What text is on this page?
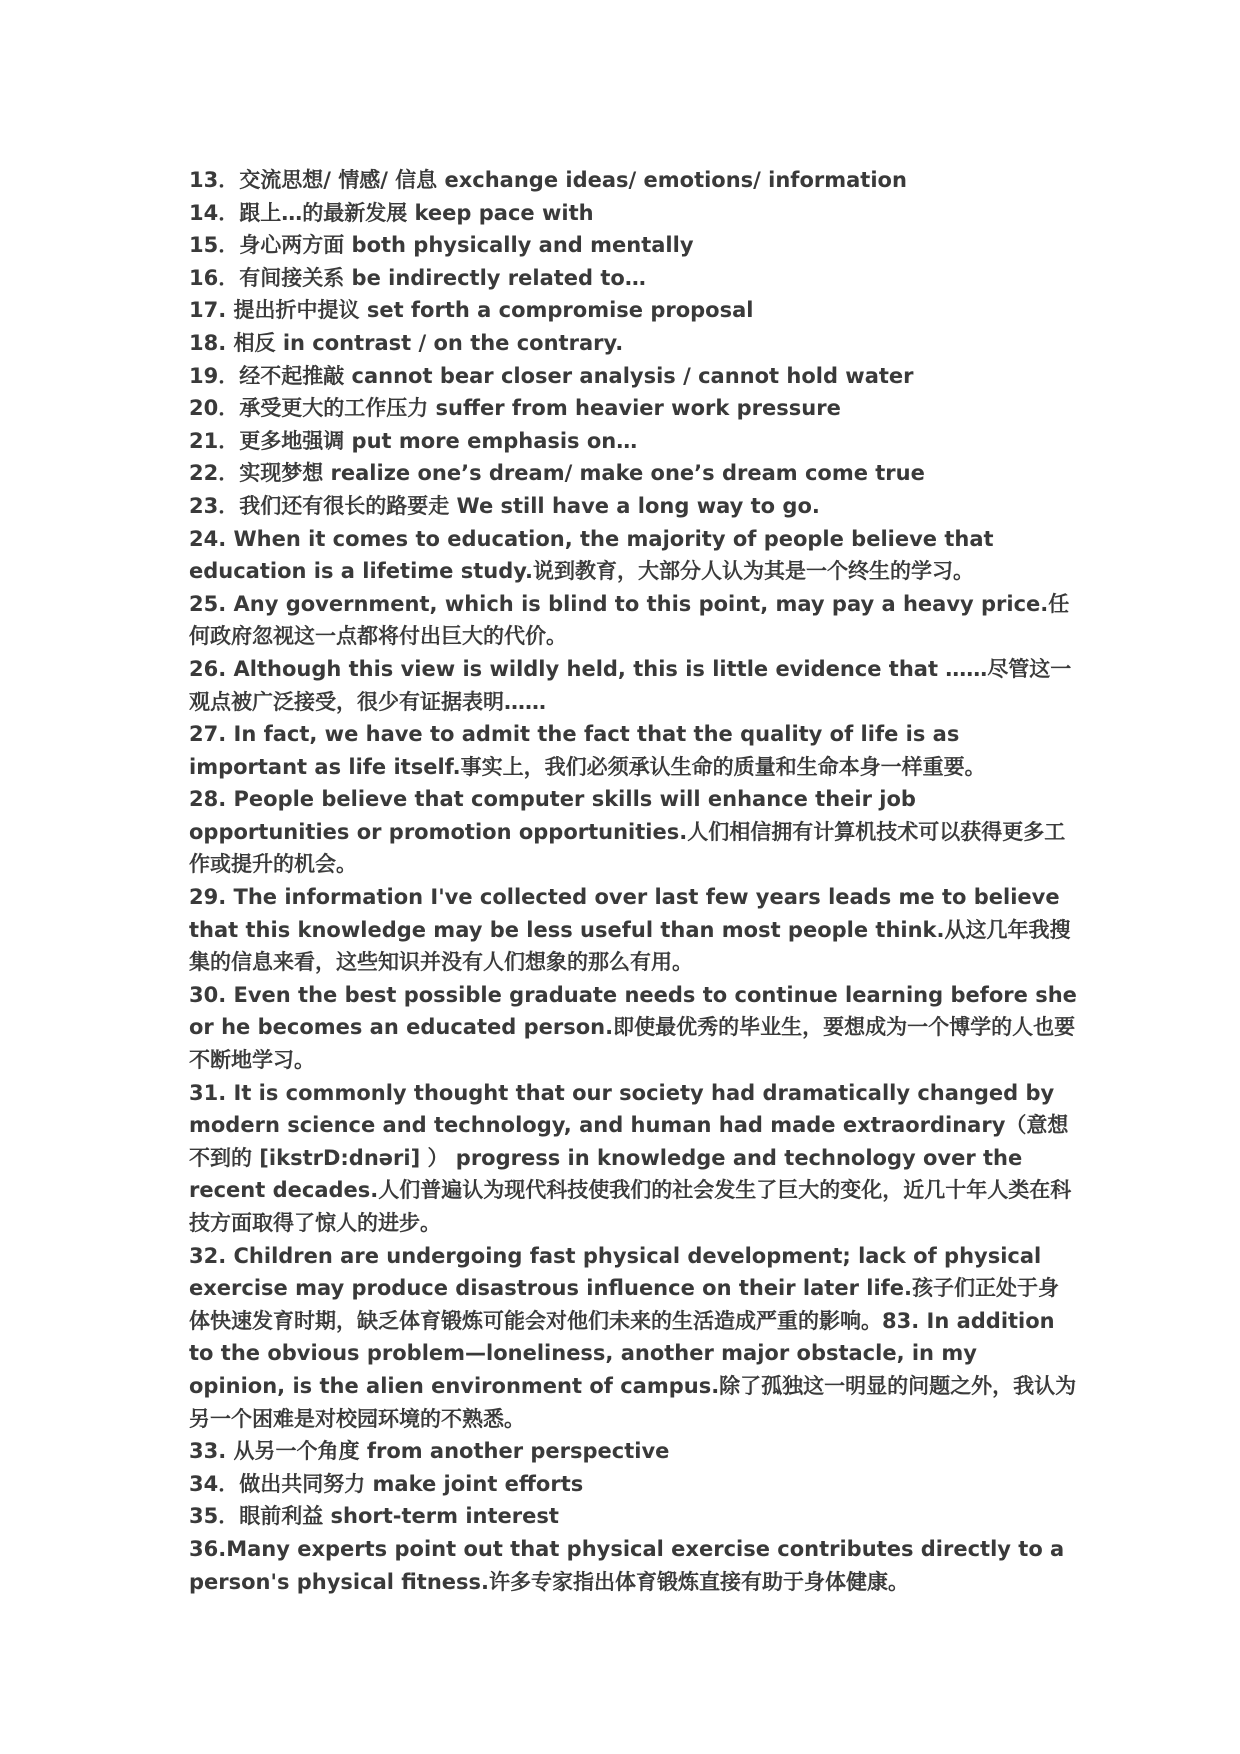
13．交流思想/ 情感/ 信息 exchange ideas/ emotions/ information

14．跟上…的最新发展 keep pace with

15．身心两方面 both physically and mentally

16．有间接关系 be indirectly related to…

17. 提出折中提议 set forth a compromise proposal

18. 相反 in contrast / on the contrary.

19．经不起推敲 cannot bear closer analysis / cannot hold water

20．承受更大的工作压力 suffer from heavier work pressure

21．更多地强调 put more emphasis on…

22．实现梦想 realize one’s dream/ make one’s dream come true

23．我们还有很长的路要走 We still have a long way to go.

24. When it comes to education, the majority of people believe that education is a lifetime study.说到教育，大部分人认为其是一个终生的学习。

25. Any government, which is blind to this point, may pay a heavy price.任何政府忽视这一点都将付出巨大的代价。

26. Although this view is wildly held, this is little evidence that ……尽管这一观点被广泛接受，很少有证据表明……

27. In fact, we have to admit the fact that the quality of life is as important as life itself.事实上，我们必须承认生命的质量和生命本身一样重要。

28. People believe that computer skills will enhance their job opportunities or promotion opportunities.人们相信拥有计算机技术可以获得更多工作或提升的机会。

29. The information I've collected over last few years leads me to believe that this knowledge may be less useful than most people think.从这几年我搜集的信息来看，这些知识并没有人们想象的那么有用。

30. Even the best possible graduate needs to continue learning before she or he becomes an educated person.即使最优秀的毕业生，要想成为一个博学的人也要不断地学习。

31. It is commonly thought that our society had dramatically changed by modern science and technology, and human had made extraordinary（意想不到的 [ikstrD:dnəri] ） progress in knowledge and technology over the recent decades.人们普遍认为现代科技使我们的社会发生了巨大的变化，近几十年人类在科技方面取得了惊人的进步。

32. Children are undergoing fast physical development; lack of physical exercise may produce disastrous influence on their later life.孩子们正处于身体快速发育时期，缺乏体育锻炼可能会对他们未来的生活造成严重的影响。83. In addition to the obvious problem—loneliness, another major obstacle, in my opinion, is the alien environment of campus.除了孤独这一明显的问题之外，我认为另一个困难是对校园环境的不熟悉。

33. 从另一个角度 from another perspective

34．做出共同努力 make joint efforts

35．眼前利益 short-term interest

36.Many experts point out that physical exercise contributes directly to a person's physical fitness.许多专家指出体育锻炼直接有助于身体健康。
